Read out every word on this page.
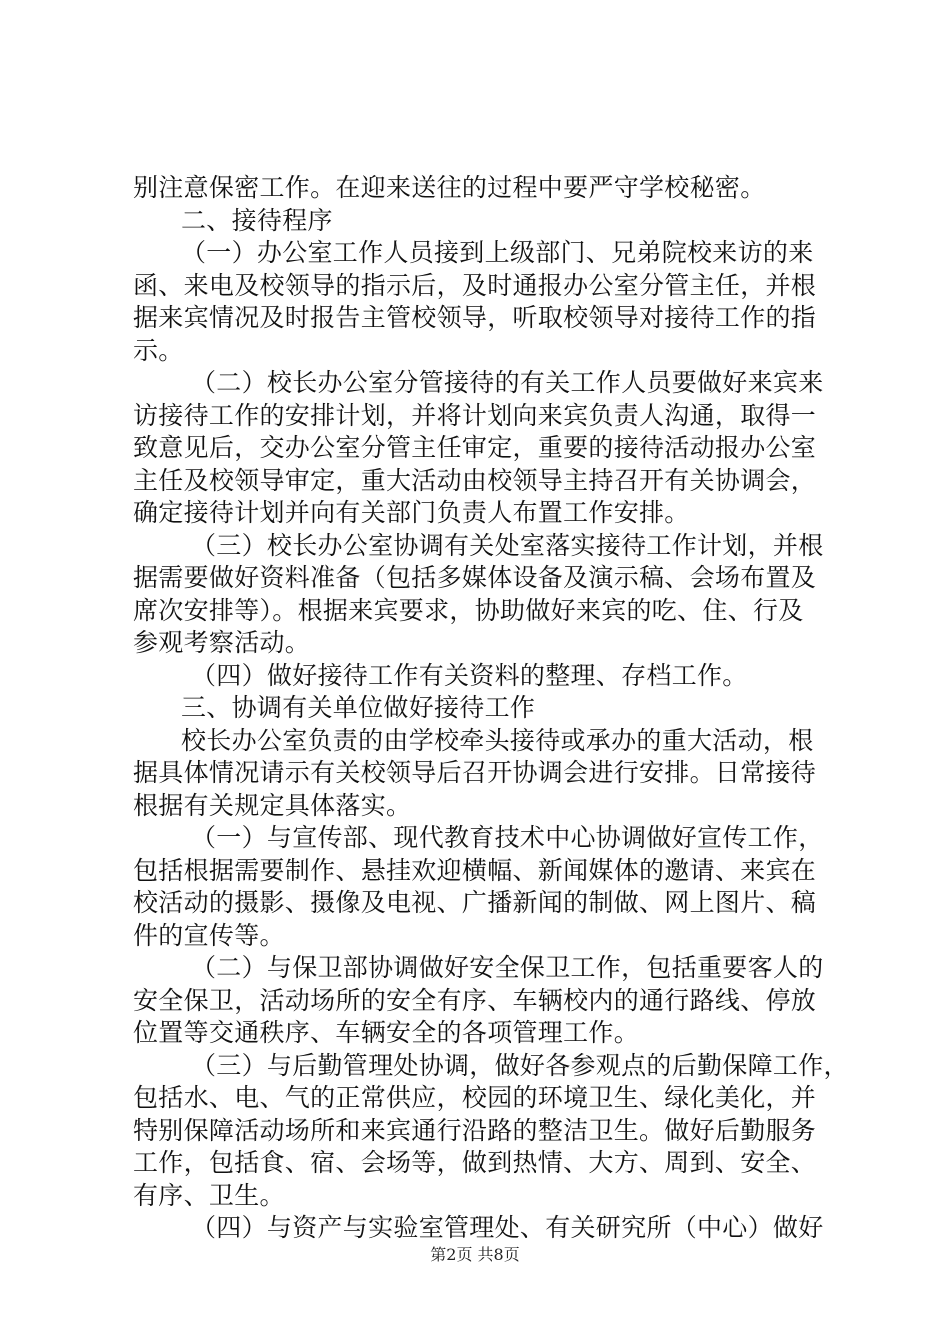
别注意保密工作。在迎来送往的过程中要严守学校秘密。
二、接待程序
（一）办公室工作人员接到上级部门、兄弟院校来访的来
函、来电及校领导的指示后，及时通报办公室分管主任，并根
据来宾情况及时报告主管校领导，听取校领导对接待工作的指
示。
（二）校长办公室分管接待的有关工作人员要做好来宾来
访接待工作的安排计划，并将计划向来宾负责人沟通，取得一
致意见后，交办公室分管主任审定，重要的接待活动报办公室
主任及校领导审定，重大活动由校领导主持召开有关协调会，
确定接待计划并向有关部门负责人布置工作安排。
（三）校长办公室协调有关处室落实接待工作计划，并根
据需要做好资料准备（包括多媒体设备及演示稿、会场布置及
席次安排等）。根据来宾要求，协助做好来宾的吃、住、行及
参观考察活动。
（四）做好接待工作有关资料的整理、存档工作。
三、协调有关单位做好接待工作
校长办公室负责的由学校牵头接待或承办的重大活动，根
据具体情况请示有关校领导后召开协调会进行安排。日常接待
根据有关规定具体落实。
（一）与宣传部、现代教育技术中心协调做好宣传工作，
包括根据需要制作、悬挂欢迎横幅、新闻媒体的邀请、来宾在
校活动的摄影、摄像及电视、广播新闻的制做、网上图片、稿
件的宣传等。
（二）与保卫部协调做好安全保卫工作，包括重要客人的
安全保卫，活动场所的安全有序、车辆校内的通行路线、停放
位置等交通秩序、车辆安全的各项管理工作。
（三）与后勤管理处协调，做好各参观点的后勤保障工作，
包括水、电、气的正常供应，校园的环境卫生、绿化美化，并
特别保障活动场所和来宾通行沿路的整洁卫生。做好后勤服务
工作，包括食、宿、会场等，做到热情、大方、周到、安全、
有序、卫生。
（四）与资产与实验室管理处、有关研究所（中心）做好
第2页 共8页
